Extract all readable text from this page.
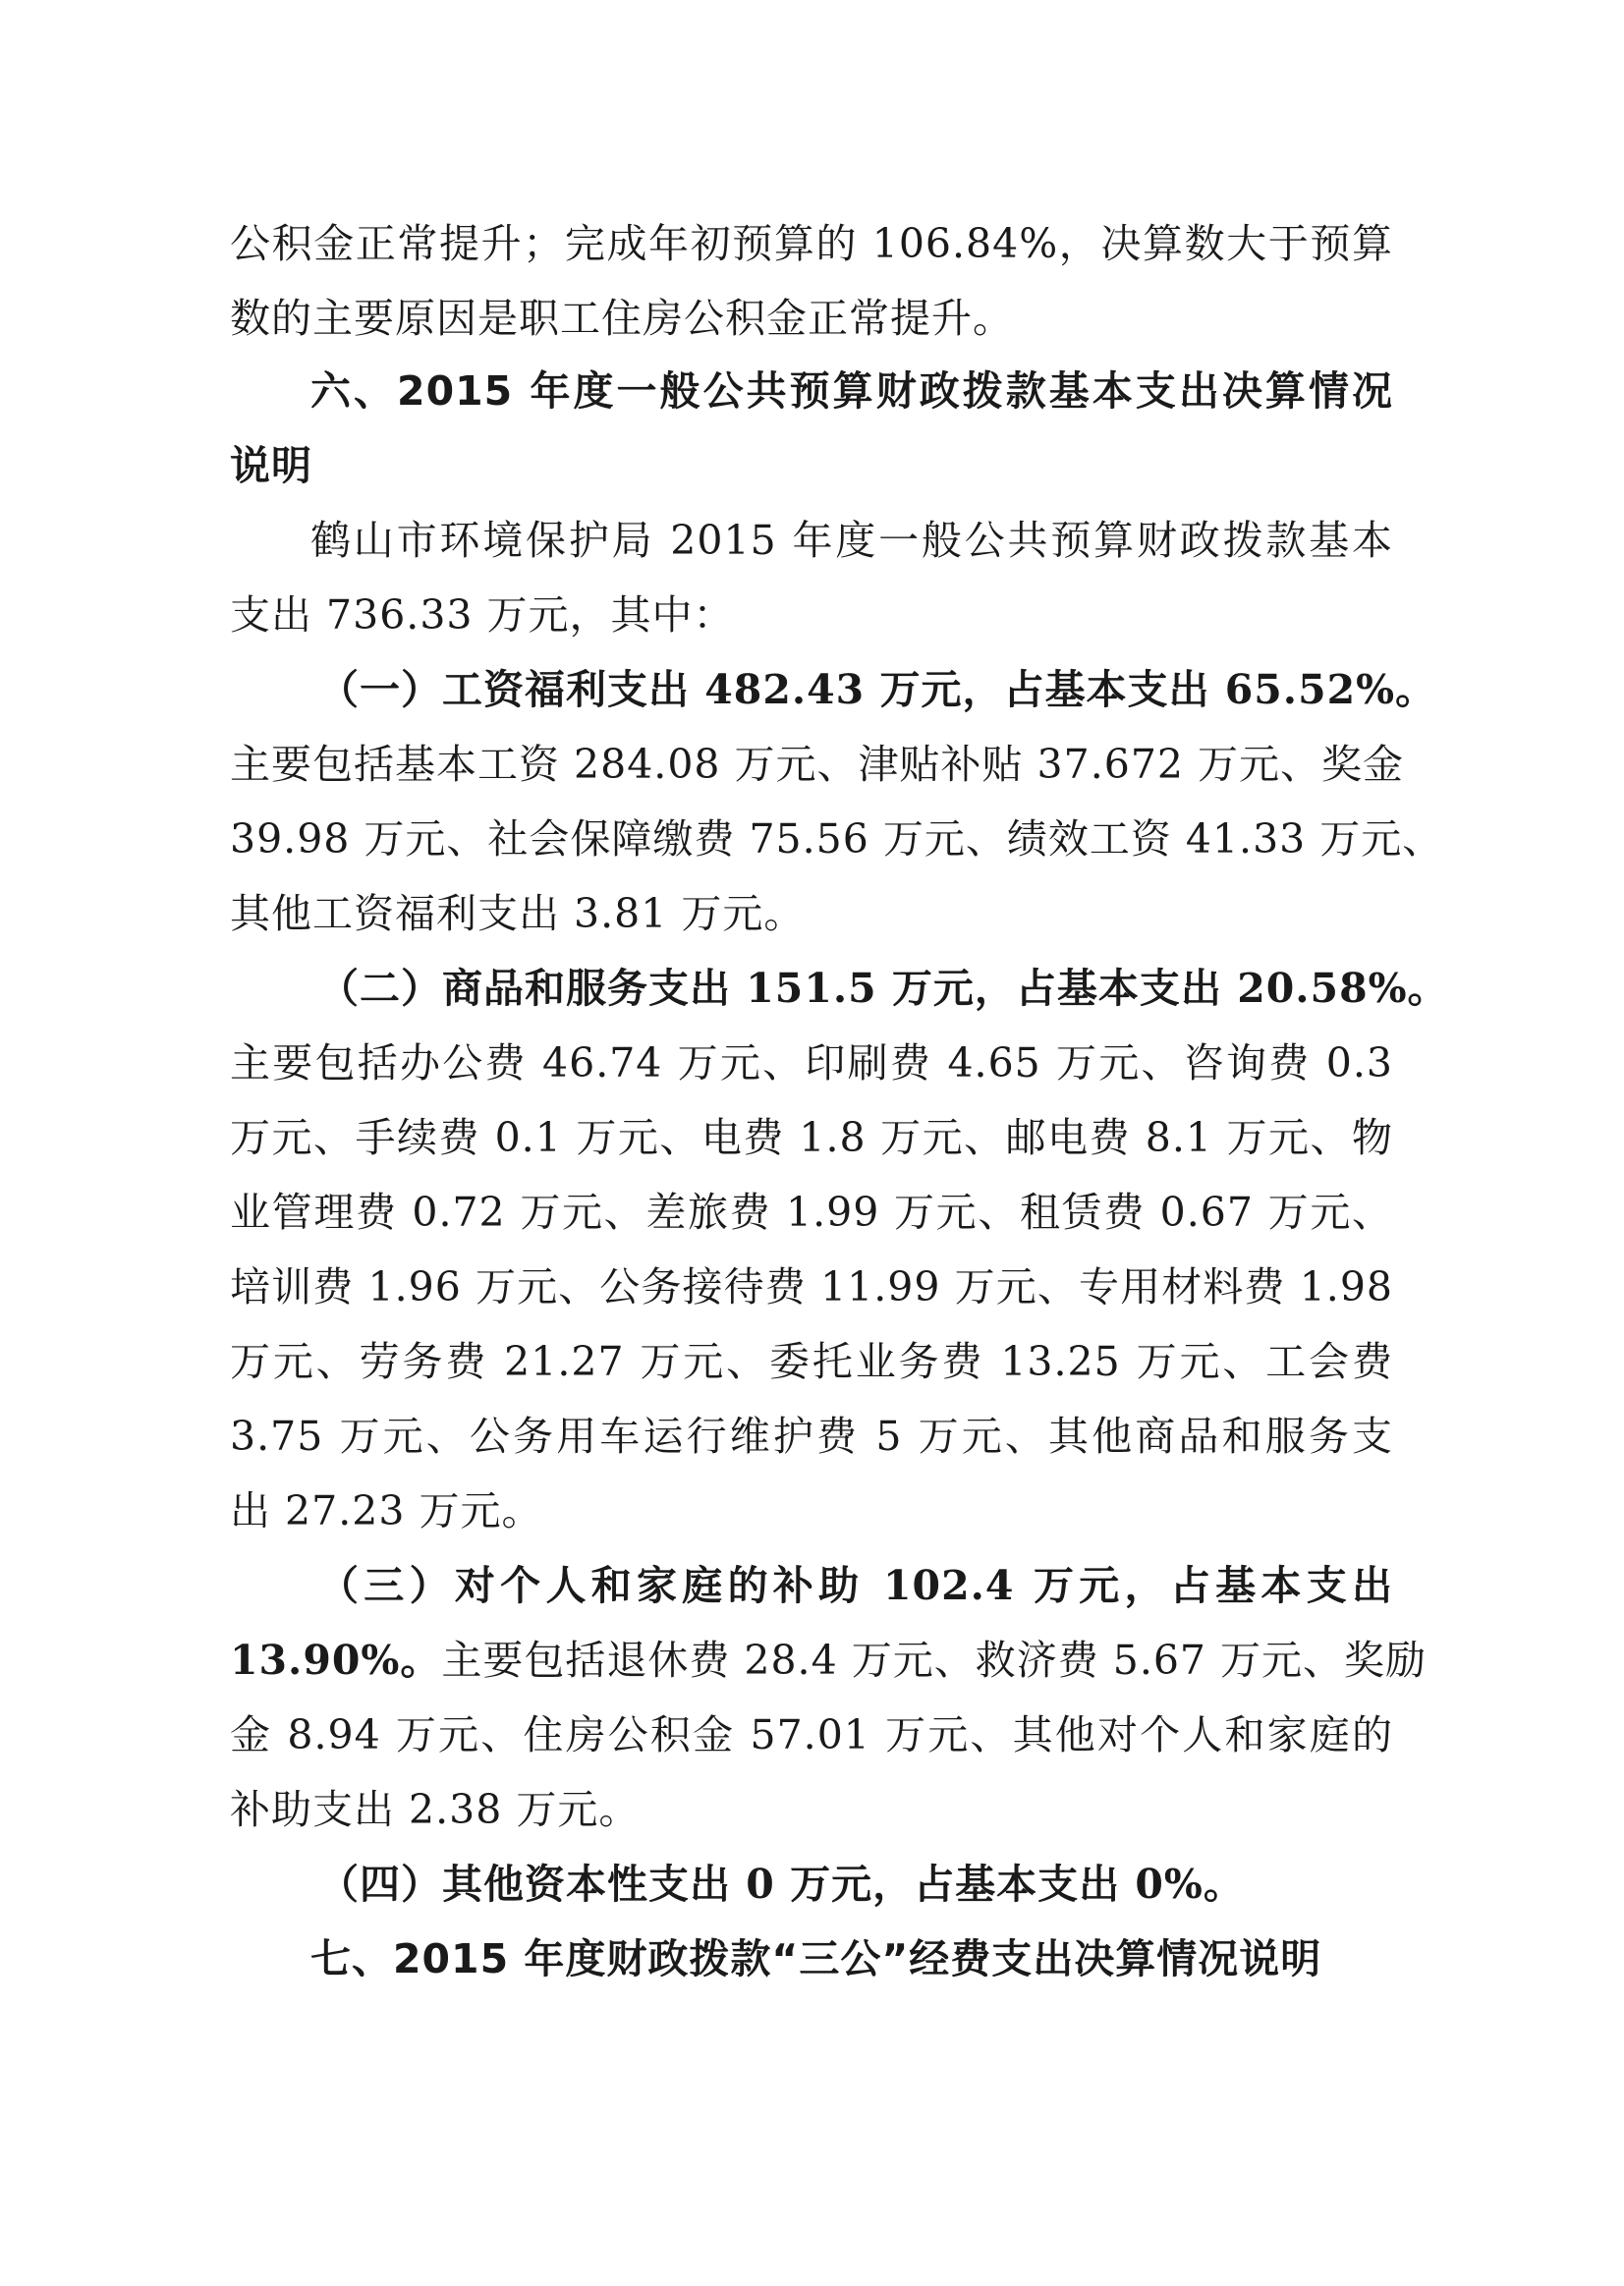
公积金正常提升；完成年初预算的 106.84%，决算数大于预算
数的主要原因是职工住房公积金正常提升。
六、2015 年度一般公共预算财政拨款基本支出决算情况
说明
鹤山市环境保护局 2015 年度一般公共预算财政拨款基本
支出 736.33 万元，其中：
（一）工资福利支出 482.43 万元，占基本支出 65.52%。
主要包括基本工资 284.08 万元、津贴补贴 37.672 万元、奖金
39.98 万元、社会保障缴费 75.56 万元、绩效工资 41.33 万元、
其他工资福利支出 3.81 万元。
（二）商品和服务支出 151.5 万元，占基本支出 20.58%。
主要包括办公费 46.74 万元、印刷费 4.65 万元、咨询费 0.3
万元、手续费 0.1 万元、电费 1.8 万元、邮电费 8.1 万元、物
业管理费 0.72 万元、差旅费 1.99 万元、租赁费 0.67 万元、
培训费 1.96 万元、公务接待费 11.99 万元、专用材料费 1.98
万元、劳务费 21.27 万元、委托业务费 13.25 万元、工会费
3.75 万元、公务用车运行维护费 5 万元、其他商品和服务支
出 27.23 万元。
（三）对个人和家庭的补助 102.4 万元，占基本支出
13.90%。主要包括退休费 28.4 万元、救济费 5.67 万元、奖励
金 8.94 万元、住房公积金 57.01 万元、其他对个人和家庭的
补助支出 2.38 万元。
（四）其他资本性支出 0 万元，占基本支出 0%。
七、2015 年度财政拨款“三公”经费支出决算情况说明
